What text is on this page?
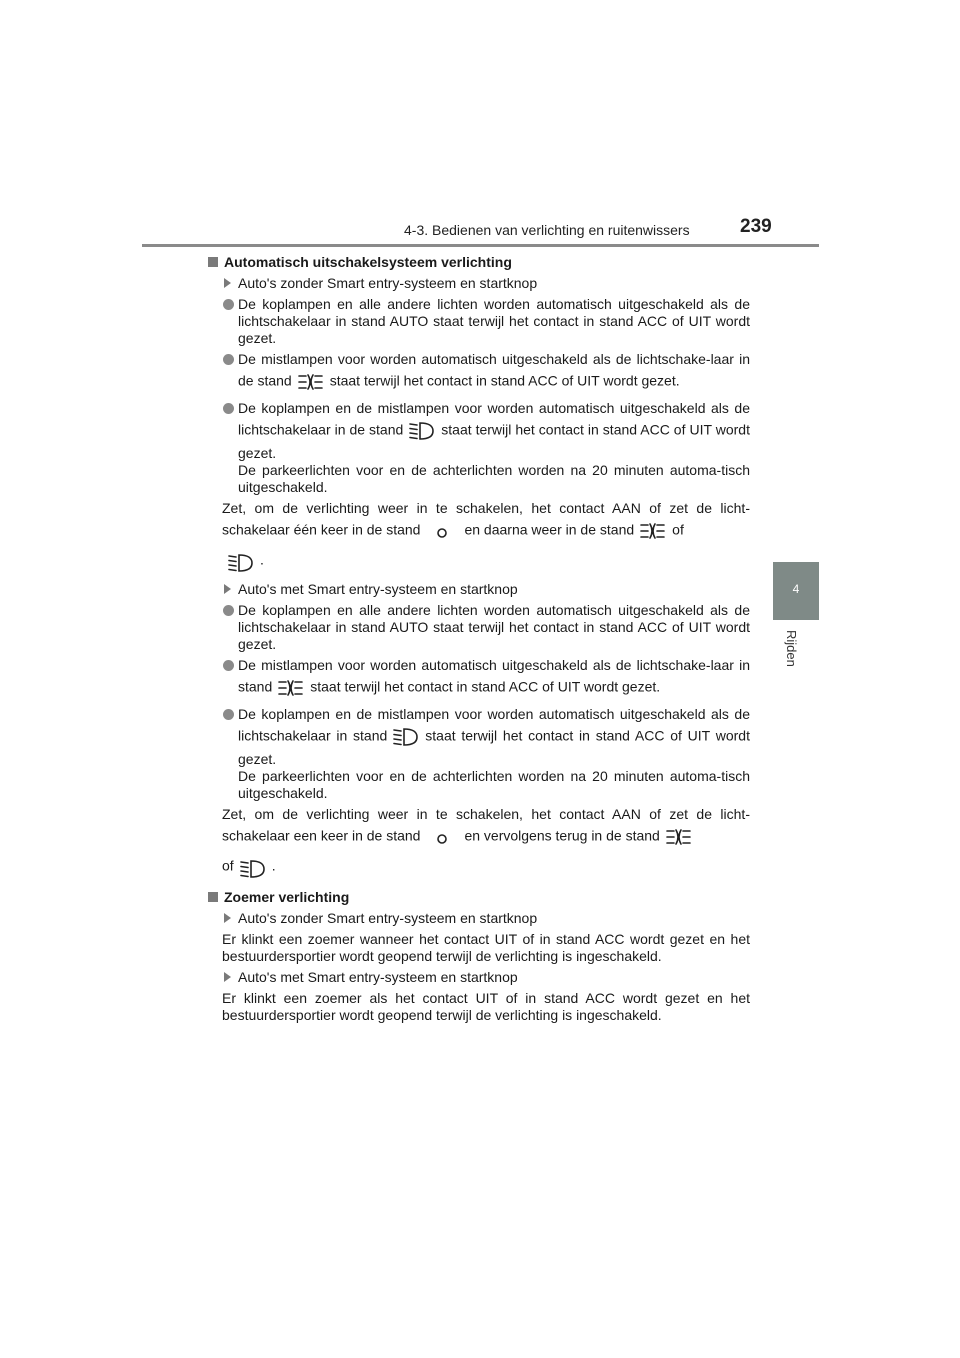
4-3. Bedienen van verlichting en ruitenwissers	239
4
Rijden

Automatisch uitschakelsysteem verlichting

Auto's zonder Smart entry-systeem en startknop

De koplampen en alle andere lichten worden automatisch uitgeschakeld als de lichtschakelaar in stand AUTO staat terwijl het contact in stand ACC of UIT wordt gezet.

De mistlampen voor worden automatisch uitgeschakeld als de lichtschake-laar in de stand	staat terwijl het contact in stand ACC of UIT wordt gezet.

De koplampen en de mistlampen voor worden automatisch uitgeschakeld als de lichtschakelaar in de stand	staat terwijl het contact in stand ACC of UIT wordt gezet.
De parkeerlichten voor en de achterlichten worden na 20 minuten automa-tisch uitgeschakeld.

Zet, om de verlichting weer in te schakelen, het contact AAN of zet de licht-schakelaar één keer in de stand	en daarna weer in de stand	of

.

Auto's met Smart entry-systeem en startknop

De koplampen en alle andere lichten worden automatisch uitgeschakeld als de lichtschakelaar in stand AUTO staat terwijl het contact in stand ACC of UIT wordt gezet.

De mistlampen voor worden automatisch uitgeschakeld als de lichtschake-laar in stand	staat terwijl het contact in stand ACC of UIT wordt gezet.

De koplampen en de mistlampen voor worden automatisch uitgeschakeld als de lichtschakelaar in stand	staat terwijl het contact in stand ACC of UIT wordt gezet.
De parkeerlichten voor en de achterlichten worden na 20 minuten automa-tisch uitgeschakeld.

Zet, om de verlichting weer in te schakelen, het contact AAN of zet de licht-schakelaar een keer in de stand	en vervolgens terug in de stand

of	.

Zoemer verlichting

Auto's zonder Smart entry-systeem en startknop

Er klinkt een zoemer wanneer het contact UIT of in stand ACC wordt gezet en het bestuurdersportier wordt geopend terwijl de verlichting is ingeschakeld.

Auto's met Smart entry-systeem en startknop

Er klinkt een zoemer als het contact UIT of in stand ACC wordt gezet en het bestuurdersportier wordt geopend terwijl de verlichting is ingeschakeld.
